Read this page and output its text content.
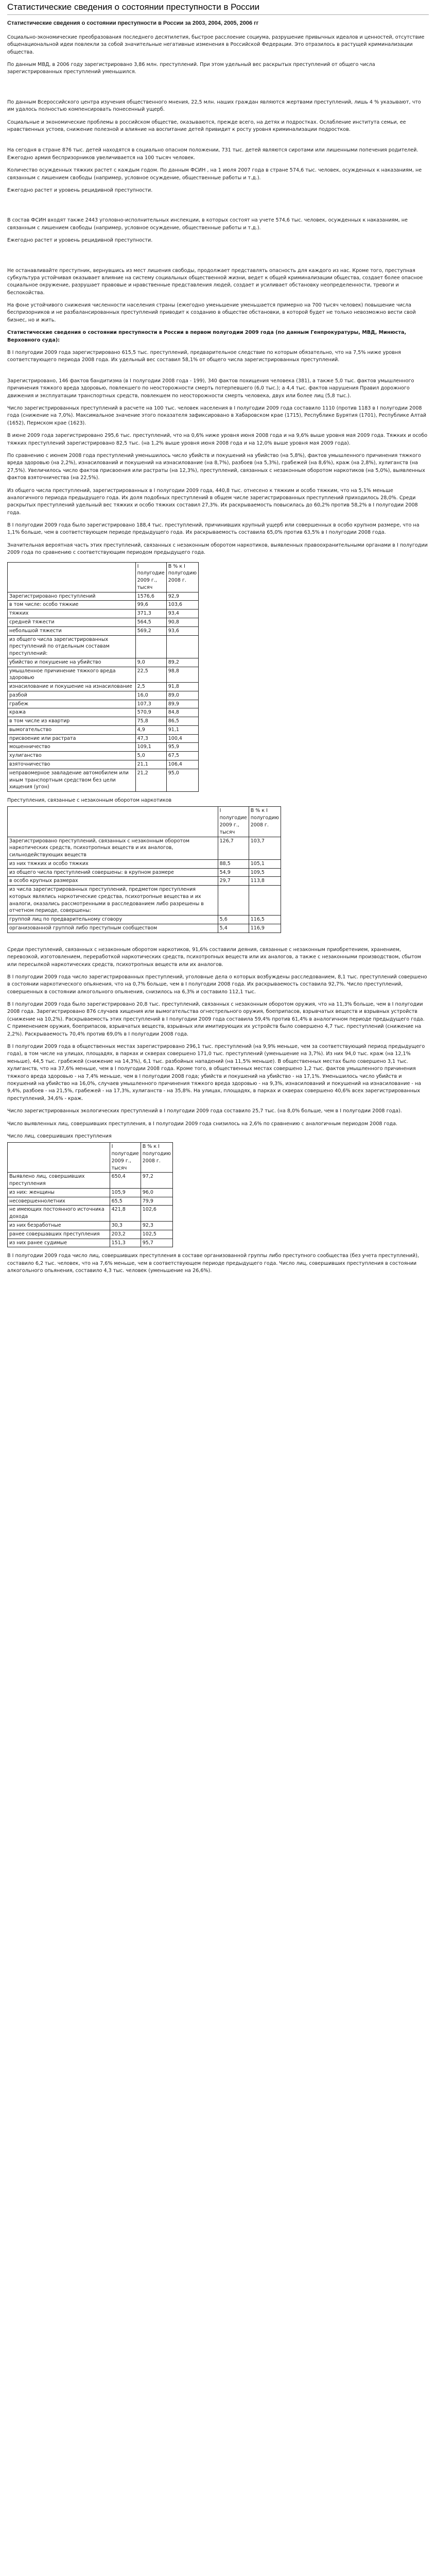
Статистические сведения о состоянии преступности в России
Статистические сведения о состоянии преступности в России за 2003, 2004, 2005, 2006 гг

Социально-экономические преобразования последнего десятилетия, быстрое расслоение социума, разрушение привычных идеалов и ценностей, отсутствие общенациональной идеи повлекли за собой значительные негативные изменения в Российской Федерации. Это отразилось в растущей криминализации общества.

По данным МВД, в 2006 году зарегистрировано 3,86 млн. преступлений. При этом удельный вес раскрытых преступлений от общего числа зарегистрированных преступлений уменьшился.

По данным Всероссийского центра изучения общественного мнения, 22,5 млн. наших граждан являются жертвами преступлений, лишь 4 % указывают, что им удалось полностью компенсировать понесенный ущерб.

Социальные и экономические проблемы в российском обществе, оказываются, прежде всего, на детях и подростках. Ослабление института семьи, ее нравственных устоев, снижение полезной и влияние на воспитание детей привидит к росту уровня криминализации подростков.

На сегодня в стране 876 тыс. детей находятся в социально опасном положении, 731 тыс. детей являются сиротами или лишенными попечения родителей. Ежегодно армия беспризорников увеличивается на 100 тысяч человек.

Количество осужденных тяжких растет с каждым годом. По данным ФСИН , на 1 июля 2007 года в стране 574,6 тыс. человек, осужденных к наказаниям, не связанным с лишением свободы (например, условное осуждение, общественные работы и т.д.).

Ежегодно растет и уровень рецидивной преступности.

В состав ФСИН входят также 2443 уголовно-исполнительных инспекции, в которых состоят на учете 574,6 тыс. человек, осужденных к наказаниям, не связанным с лишением свободы (например, условное осуждение, общественные работы и т.д.).

Ежегодно растет и уровень рецидивной преступности.

Не останавливайте преступник, вернувшись из мест лишения свободы, продолжает представлять опасность для каждого из нас. Кроме того, преступная субкультура устойчивая оказывает влияние на систему социальных общественной жизни, ведет к общей криминализации общества, создает более опасное социальное окружение, разрушает правовые и нравственные представления людей, создает и усиливает обстановку неопределенности, тревоги и беспокойства.

На фоне устойчивого снижения численности населения страны (ежегодно уменьшение уменьшается примерно на 700 тысяч человек) повышение числа беспризорников и не разбалансированных преступлений приводит к созданию в обществе обстановки, в которой будет не только невозможно вести свой бизнес, но и жить.

Статистические сведения о состоянии преступности в России в первом полугодии 2009 года (по данным Генпрокуратуры, МВД, Минюста, Верховного суда):

В I полугодии 2009 года зарегистрировано 615,5 тыс. преступлений, предварительное следствие по которым обязательно, что на 7,5% ниже уровня соответствующего периода 2008 года. Их удельный вес составил 58,1% от общего числа зарегистрированных преступлений.

Зарегистрировано, 146 фактов бандитизма (в I полугодии 2008 года - 199), 340 фактов похищения человека (381), а также 5,0 тыс. фактов умышленного причинения тяжкого вреда здоровью, повлекшего по неосторожности смерть потерпевшего (6,0 тыс.); а 4,4 тыс. фактов нарушения Правил дорожного движения и эксплуатации транспортных средств, повлекшем по неосторожности смерть человека, двух или более лиц (5,8 тыс.).

Число зарегистрированных преступлений в расчете на 100 тыс. человек населения в I полугодии 2009 года составило 1110 (против 1183 в I полугодии 2008 года (снижение на 7,0%). Максимальное значение этого показателя зафиксировано в Хабаровском крае (1715), Республике Бурятия (1701), Республике Алтай (1652), Пермском крае (1623).

В июне 2009 года зарегистрировано 295,6 тыс. преступлений, что на 0,6% ниже уровня июня 2008 года и на 9,6% выше уровня мая 2009 года. Тяжких и особо тяжких преступлений зарегистрировано 82,5 тыс. (на 1,2% выше уровня июня 2008 года и на 12,0% выше уровня мая 2009 года).

По сравнению с июнем 2008 года преступлений уменьшилось число убийств и покушений на убийство (на 5,8%), фактов умышленного причинения тяжкого вреда здоровью (на 2,2%), изнасилований и покушений на изнасилование (на 8,7%), разбоев (на 5,3%), грабежей (на 8,6%), краж (на 2,8%), хулиганств (на 27,5%). Увеличилось число фактов присвоения или растраты (на 12,3%), преступлений, связанных с незаконным оборотом наркотиков (на 5,0%), выявленных фактов взяточничества (на 22,5%).

Из общего числа преступлений, зарегистрированных в I полугодии 2009 года, 440,8 тыс. отнесено к тяжким и особо тяжким, что на 5,1% меньше аналогичного периода предыдущего года. Их доля подобных преступлений в общем числе зарегистрированных преступлений приходилось 28,0%. Среди раскрытых преступлений удельный вес тяжких и особо тяжких составил 27,3%. Их раскрываемость повысилась до 60,2% против 58,2% в I полугодии 2008 года.

В I полугодии 2009 года было зарегистрировано 188,4 тыс. преступлений, причинивших крупный ущерб или совершенных в особо крупном размере, что на 1,1% больше, чем в соответствующем периоде предыдущего года. Их раскрываемость составила 65,0% против 63,5% в I полугодии 2008 года.

Значительная вероятная часть этих преступлений, связанных с незаконным оборотом наркотиков, выявленных правоохранительными органами в I полугодии 2009 года по сравнению с соответствующим периодом предыдущего года.

	I полугодие 2009 г., тысяч	В % к I полугодию 2008 г.
Зарегистрировано преступлений	1576,6	92,9
в том числе: особо тяжкие	99,6	103,6
тяжких	371,3	93,4
средней тяжести	564,5	90,8
небольшой тяжести	569,2	93,6
из общего числа зарегистрированных преступлений по отдельным составам преступлений:		
убийство и покушение на убийство	9,0	89,2
умышленное причинение тяжкого вреда здоровью	22,5	98,8
изнасилование и покушение на изнасилование	2,5	91,8
разбой	16,0	89,0
грабеж	107,3	89,9
кража	570,9	84,8
в том числе из квартир	75,8	86,5
вымогательство	4,9	91,1
присвоение или растрата	47,3	100,4
мошенничество	109,1	95,9
хулиганство	5,0	67,5
взяточничество	21,1	106,4
неправомерное завладение автомобилем или иным транспортным средством без цели хищения (угон)	21,2	95,0
Преступления, связанные с незаконным оборотом наркотиков
	I полугодие 2009 г., тысяч	В % к I полугодию 2008 г.
Зарегистрировано преступлений, связанных с незаконным оборотом наркотических средств, психотропных веществ и их аналогов, сильнодействующих веществ	126,7	103,7
из них тяжких и особо тяжких	88,5	105,1
из общего числа преступлений совершены: в крупном размере	54,9	109,5
в особо крупных размерах	29,7	113,8
из числа зарегистрированных преступлений, предметом преступления которых являлись наркотические средства, психотропные вещества и их аналоги, оказались рассмотренными в расследованием либо разрешены в отчетном периоде, совершены:		
группой лиц по предварительному сговору	5,6	116,5
организованной группой либо преступным сообществом	5,4	116,9

Среди преступлений, связанных с незаконным оборотом наркотиков, 91,6% составили деяния, связанные с незаконным приобретением, хранением, перевозкой, изготовлением, переработкой наркотических средств, психотропных веществ или их аналогов, а также с незаконными производством, сбытом или пересылкой наркотических средств, психотропных веществ или их аналогов.

В I полугодии 2009 года число зарегистрированных преступлений, уголовные дела о которых возбуждены расследованием, 8,1 тыс. преступлений совершено в состоянии наркотического опьянения, что на 0,7% больше, чем в I полугодии 2008 года. Их раскрываемость составила 92,7%. Число преступлений, совершенных в состоянии алкогольного опьянения, снизилось на 6,3% и составило 112,1 тыс.

В I полугодии 2009 года было зарегистрировано 20,8 тыс. преступлений, связанных с незаконным оборотом оружия, что на 11,3% больше, чем в I полугодии 2008 года. Зарегистрировано 876 случаев хищения или вымогательства огнестрельного оружия, боеприпасов, взрывчатых веществ и взрывных устройств (снижение на 10,2%). Раскрываемость этих преступлений в I полугодии 2009 года составила 59,4% против 61,4% в аналогичном периоде предыдущего года. С применением оружия, боеприпасов, взрывчатых веществ, взрывных или имитирующих их устройств было совершено 4,7 тыс. преступлений (снижение на 2,2%). Раскрываемость 70,4% против 69,0% в I полугодии 2008 года.

В I полугодии 2009 года в общественных местах зарегистрировано 296,1 тыс. преступлений (на 9,9% меньше, чем за соответствующий период предыдущего года), в том числе на улицах, площадях, в парках и скверах совершено 171,0 тыс. преступлений (уменьшение на 3,7%). Из них 94,0 тыс. краж (на 12,1% меньше), 44,5 тыс. грабежей (снижение на 14,3%), 6,1 тыс. разбойных нападений (на 11,5% меньше). В общественных местах было совершено 3,1 тыс. хулиганств, что на 37,6% меньше, чем в I полугодии 2008 года. Кроме того, в общественных местах совершено 1,2 тыс. фактов умышленного причинения тяжкого вреда здоровью - на 7,4% меньше, чем в I полугодии 2008 года; убийств и покушений на убийство - на 17,1%. Уменьшилось число убийств и покушений на убийство на 16,0%, случаев умышленного причинения тяжкого вреда здоровью - на 9,3%, изнасилований и покушений на изнасилование - на 9,4%, разбоев - на 21,5%, грабежей - на 17,3%, хулиганств - на 35,8%. На улицах, площадях, в парках и скверах совершено 40,6% всех зарегистрированных преступлений, 34,6% - краж.

Число зарегистрированных экологических преступлений в I полугодии 2009 года составило 25,7 тыс. (на 8,0% больше, чем в I полугодии 2008 года).

Число выявленных лиц, совершивших преступления, в I полугодии 2009 года снизилось на 2,6% по сравнению с аналогичным периодом 2008 года.

Число лиц, совершивших преступления
	I полугодие 2009 г., тысяч	В % к I полугодию 2008 г.
Выявлено лиц, совершивших преступления	650,4	97,2
из них: женщины	105,9	96,0
несовершеннолетних	65,5	79,9
не имеющих постоянного источника дохода	421,8	102,6
из них безработные	30,3	92,3
ранее совершавших преступления	203,2	102,5
из них ранее судимые	151,3	95,7

В I полугодии 2009 года число лиц, совершивших преступления в составе организованной группы либо преступного сообщества (без учета преступлений), составило 6,2 тыс. человек, что на 7,6% меньше, чем в соответствующем периоде предыдущего года. Число лиц, совершивших преступления в состоянии алкогольного опьянения, составило 4,3 тыс. человек (уменьшение на 26,6%).
